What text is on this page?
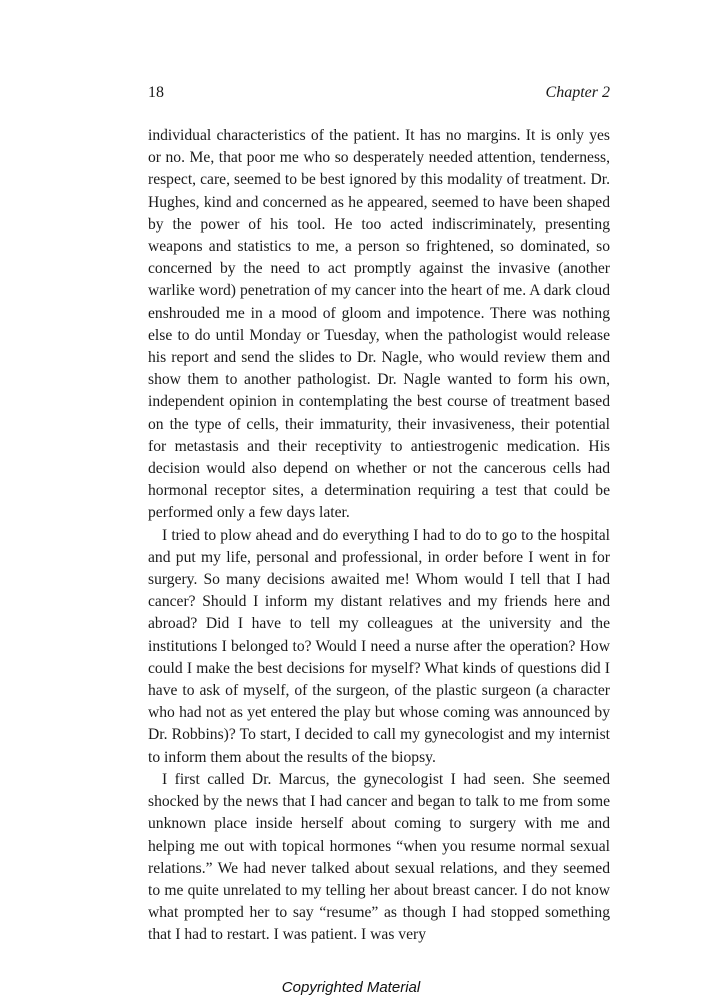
18	Chapter 2

individual characteristics of the patient. It has no margins. It is only yes or no. Me, that poor me who so desperately needed attention, tenderness, respect, care, seemed to be best ignored by this modality of treatment. Dr. Hughes, kind and concerned as he appeared, seemed to have been shaped by the power of his tool. He too acted indiscriminately, presenting weapons and statistics to me, a person so frightened, so dominated, so concerned by the need to act promptly against the invasive (another warlike word) penetration of my cancer into the heart of me. A dark cloud enshrouded me in a mood of gloom and impotence. There was nothing else to do until Monday or Tuesday, when the pathologist would release his report and send the slides to Dr. Nagle, who would review them and show them to another pathologist. Dr. Nagle wanted to form his own, independent opinion in contemplating the best course of treatment based on the type of cells, their immaturity, their invasiveness, their potential for metastasis and their receptivity to antiestrogenic medication. His decision would also depend on whether or not the cancerous cells had hormonal receptor sites, a determination requiring a test that could be performed only a few days later.

I tried to plow ahead and do everything I had to do to go to the hospital and put my life, personal and professional, in order before I went in for surgery. So many decisions awaited me! Whom would I tell that I had cancer? Should I inform my distant relatives and my friends here and abroad? Did I have to tell my colleagues at the university and the institutions I belonged to? Would I need a nurse after the operation? How could I make the best decisions for myself? What kinds of questions did I have to ask of myself, of the surgeon, of the plastic surgeon (a character who had not as yet entered the play but whose coming was announced by Dr. Robbins)? To start, I decided to call my gynecologist and my internist to inform them about the results of the biopsy.

I first called Dr. Marcus, the gynecologist I had seen. She seemed shocked by the news that I had cancer and began to talk to me from some unknown place inside herself about coming to surgery with me and helping me out with topical hormones “when you resume normal sexual relations.” We had never talked about sexual relations, and they seemed to me quite unrelated to my telling her about breast cancer. I do not know what prompted her to say “resume” as though I had stopped something that I had to restart. I was patient. I was very

Copyrighted Material
